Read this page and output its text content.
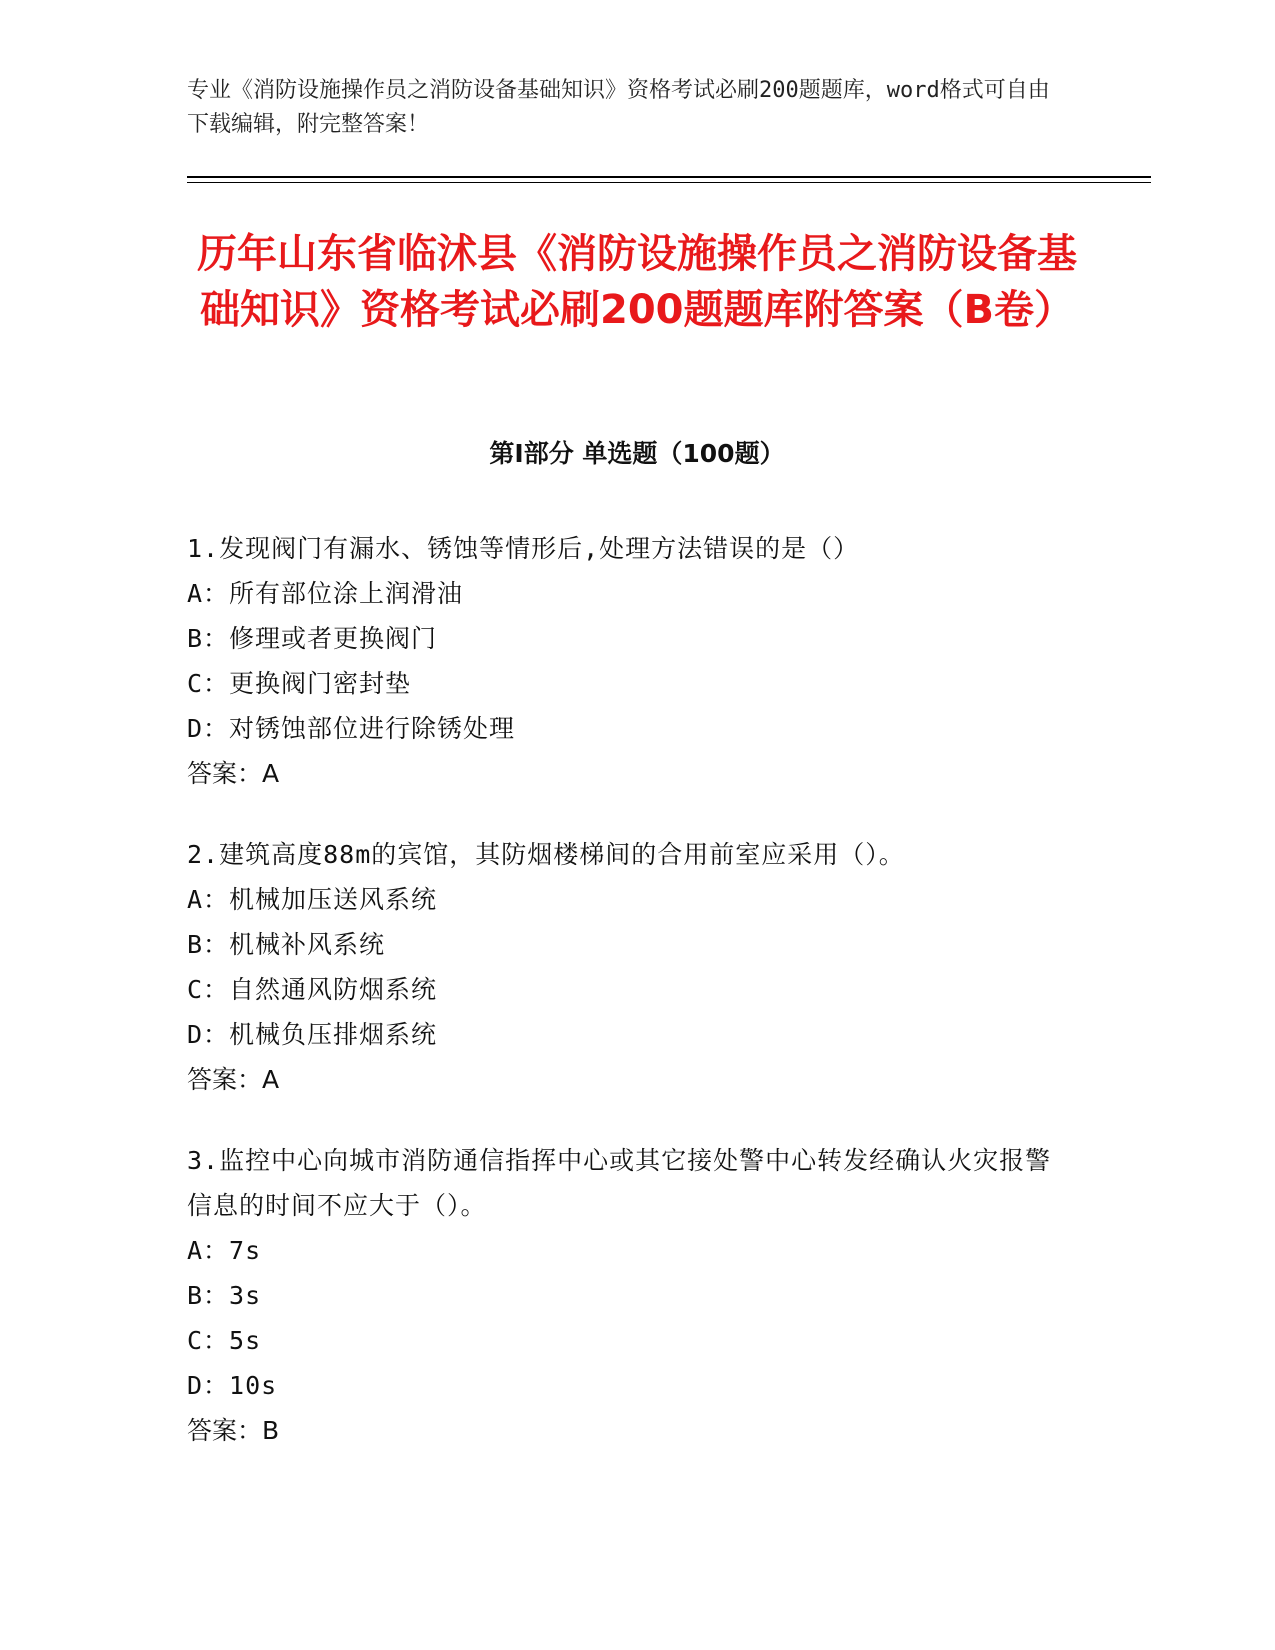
专业《消防设施操作员之消防设备基础知识》资格考试必刷200题题库，word格式可自由下载编辑，附完整答案！
历年山东省临沭县《消防设施操作员之消防设备基础知识》资格考试必刷200题题库附答案（B卷）
第Ⅰ部分 单选题（100题）
1.发现阀门有漏水、锈蚀等情形后,处理方法错误的是（）
A：所有部位涂上润滑油
B：修理或者更换阀门
C：更换阀门密封垫
D：对锈蚀部位进行除锈处理
答案：A
2.建筑高度88m的宾馆，其防烟楼梯间的合用前室应采用（）。
A：机械加压送风系统
B：机械补风系统
C：自然通风防烟系统
D：机械负压排烟系统
答案：A
3.监控中心向城市消防通信指挥中心或其它接处警中心转发经确认火灾报警信息的时间不应大于（）。
A：7s
B：3s
C：5s
D：10s
答案：B
